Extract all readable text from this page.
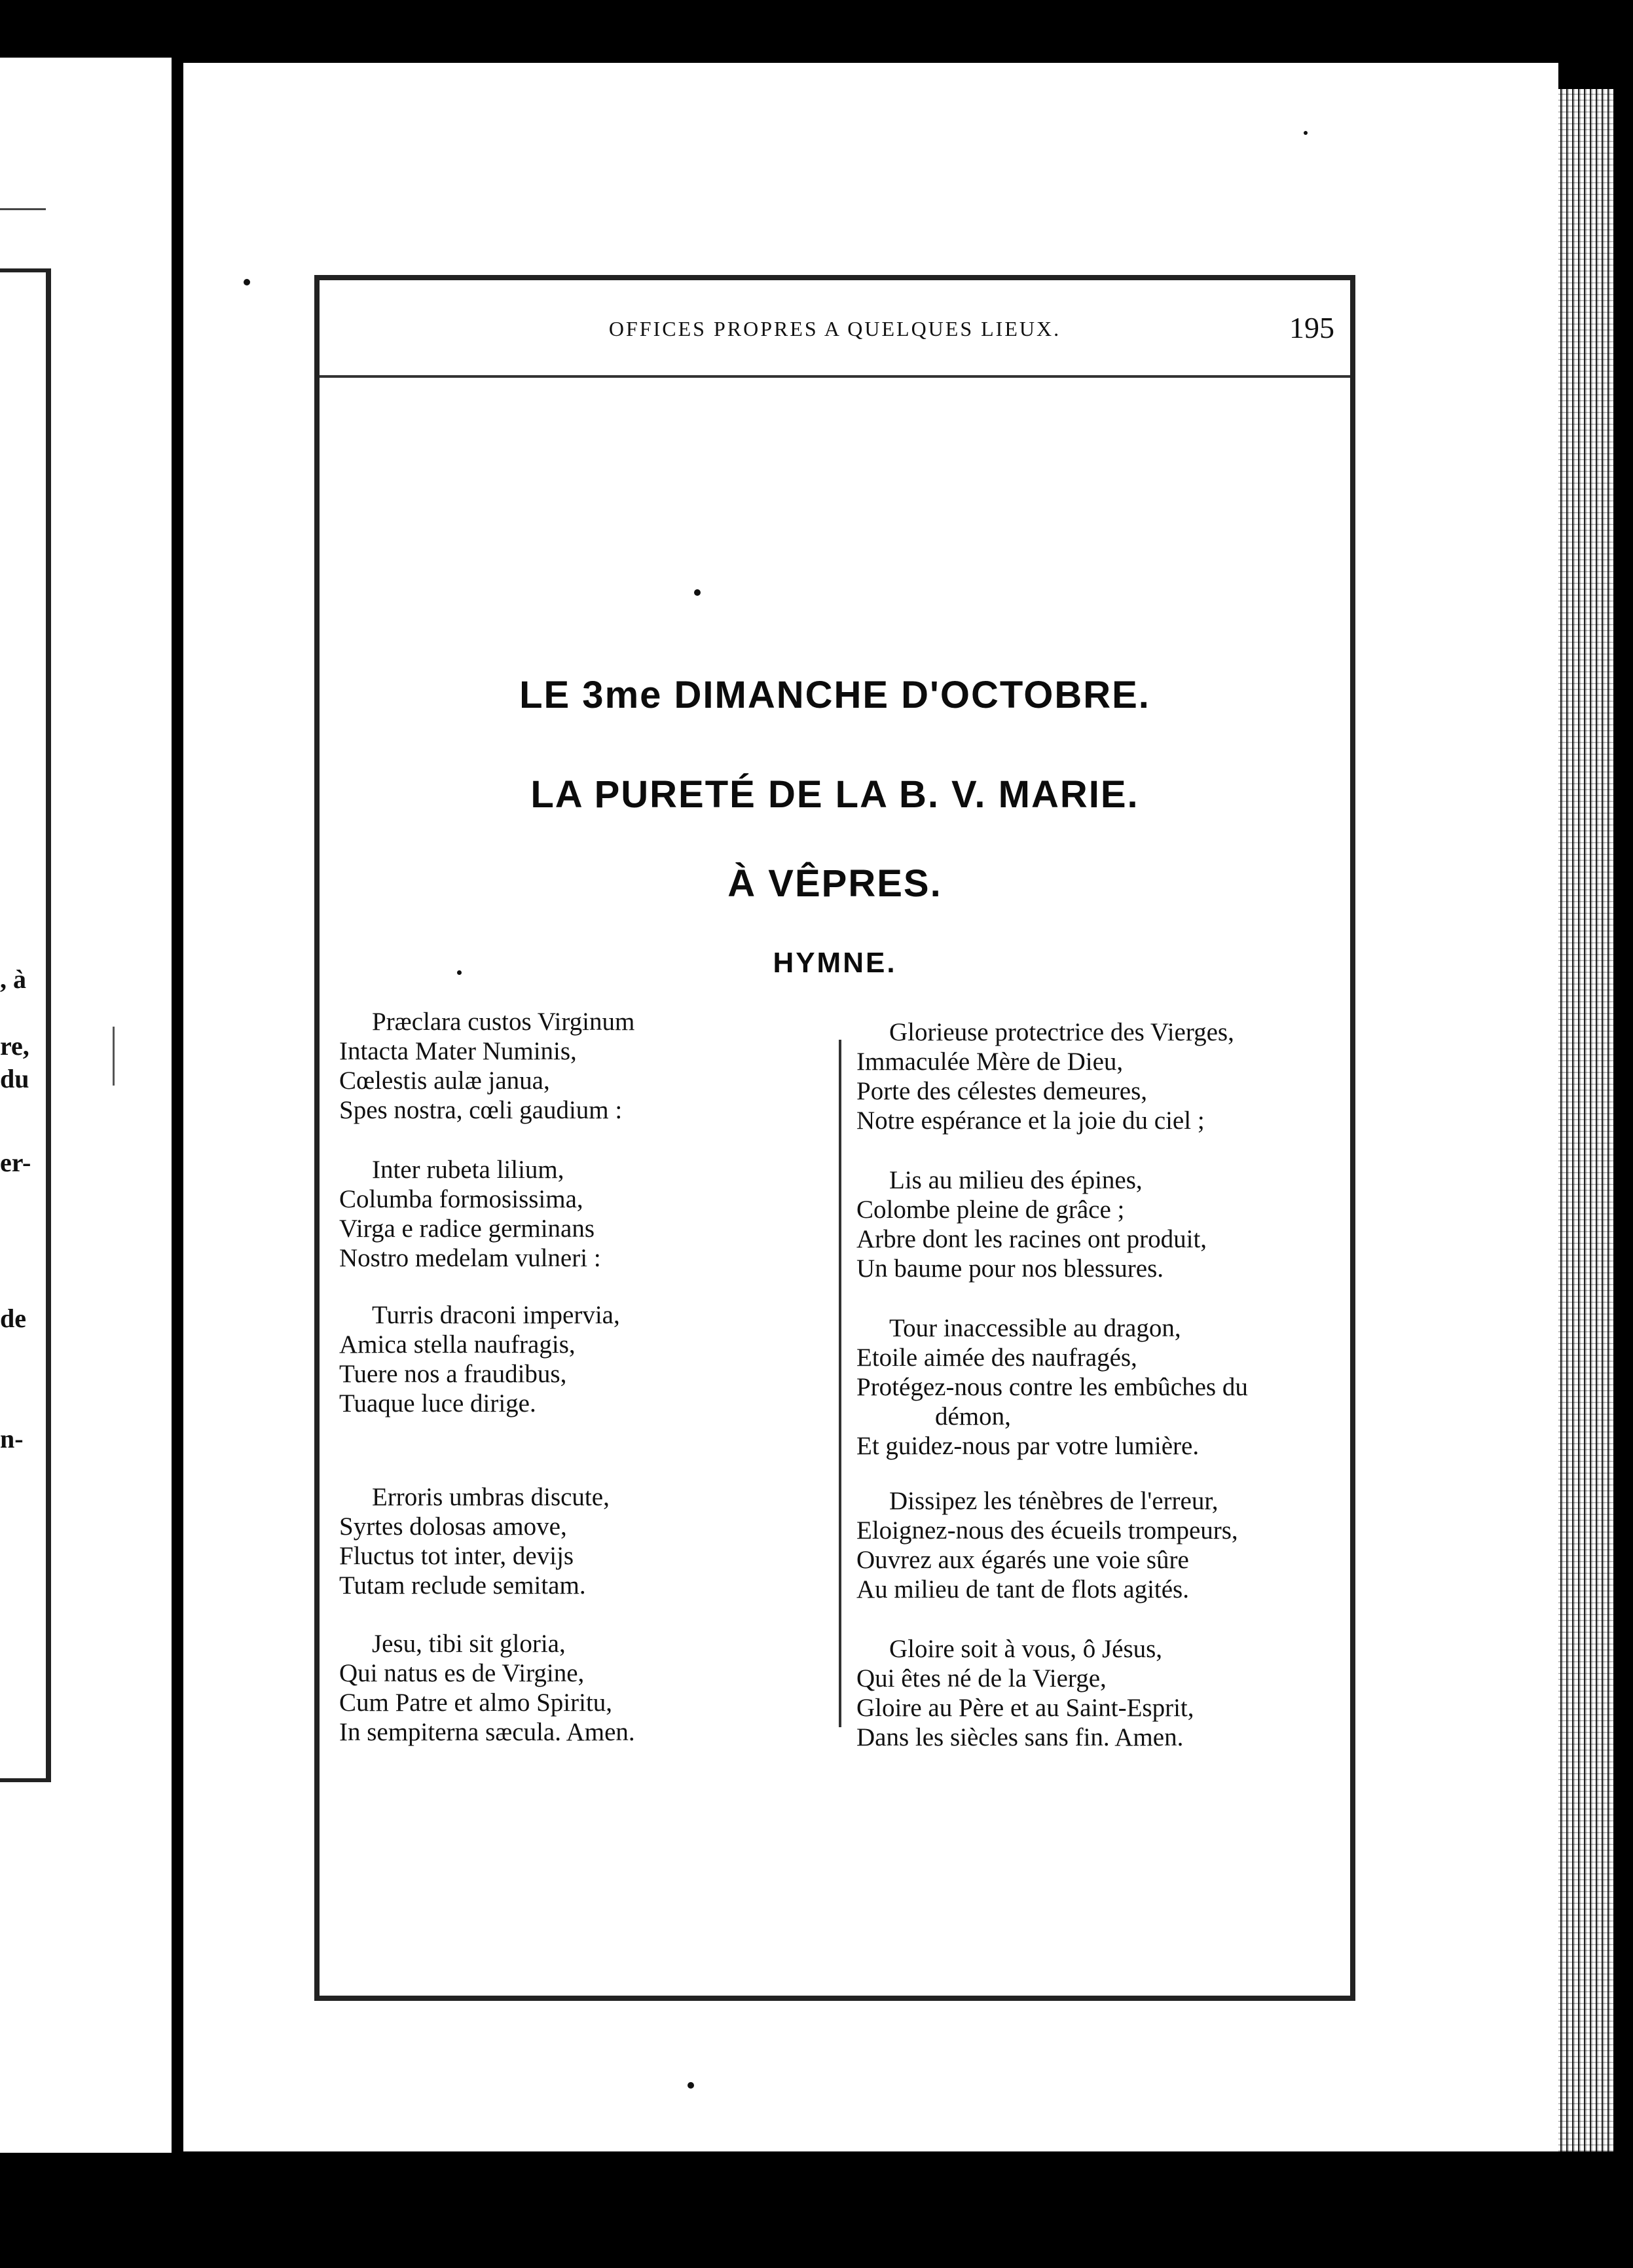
, à
re,
du
er-
de
n-
OFFICES PROPRES A QUELQUES LIEUX.	195
LE 3me DIMANCHE D'OCTOBRE.
LA PURETÉ DE LA B. V. MARIE.
À VÊPRES.
HYMNE.
Præclara custos Virginum
Intacta Mater Numinis,
Cœlestis aulæ janua,
Spes nostra, cœli gaudium :
Inter rubeta lilium,
Columba formosissima,
Virga e radice germinans
Nostro medelam vulneri :
Turris draconi impervia,
Amica stella naufragis,
Tuere nos a fraudibus,
Tuaque luce dirige.
Erroris umbras discute,
Syrtes dolosas amove,
Fluctus tot inter, devijs
Tutam reclude semitam.
Jesu, tibi sit gloria,
Qui natus es de Virgine,
Cum Patre et almo Spiritu,
In sempiterna sæcula. Amen.
Glorieuse protectrice des Vierges,
Immaculée Mère de Dieu,
Porte des célestes demeures,
Notre espérance et la joie du ciel ;
Lis au milieu des épines,
Colombe pleine de grâce ;
Arbre dont les racines ont produit,
Un baume pour nos blessures.
Tour inaccessible au dragon,
Etoile aimée des naufragés,
Protégez-nous contre les embûches du
démon,
Et guidez-nous par votre lumière.
Dissipez les ténèbres de l'erreur,
Eloignez-nous des écueils trompeurs,
Ouvrez aux égarés une voie sûre
Au milieu de tant de flots agités.
Gloire soit à vous, ô Jésus,
Qui êtes né de la Vierge,
Gloire au Père et au Saint-Esprit,
Dans les siècles sans fin. Amen.
